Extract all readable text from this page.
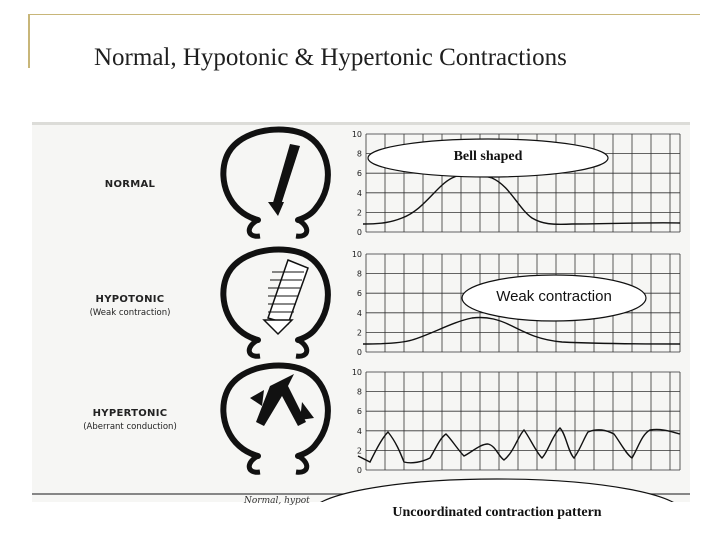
Normal, Hypotonic & Hypertonic Contractions
0
2
4
6
8
10
0
2
4
6
8
10
0
2
4
6
8
10
NORMAL
HYPOTONIC
(Weak contraction)
HYPERTONIC
(Aberrant conduction)
Normal, hypot
Bell shaped
Weak contraction
Uncoordinated contraction pattern
